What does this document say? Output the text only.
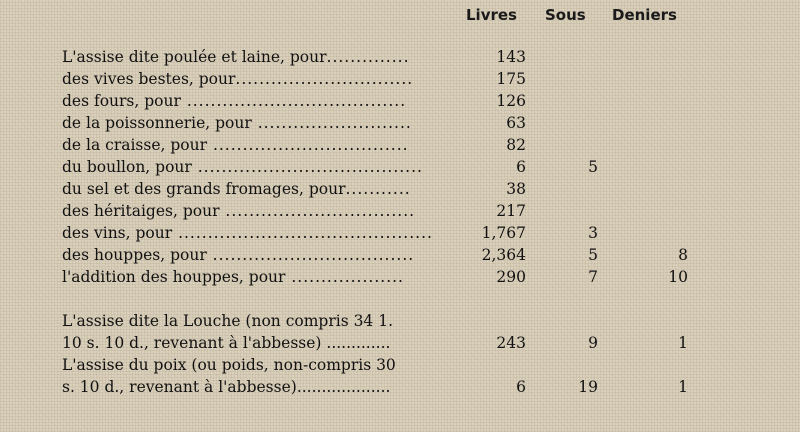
Livres Sous Deniers
L'assise dite poulée et laine, pour..............	143
des vives bestes, pour..............................	175
des fours, pour .....................................	126
de la poissonnerie, pour ..........................	63
de la craisse, pour .................................	82
du boullon, pour ......................................	6	5
du sel et des grands fromages, pour...........	38
des héritaiges, pour ................................	217
des vins, pour ...........................................	1,767	3
des houppes, pour ..................................	2,364	5	8
l'addition des houppes, pour ...................	290	7	10
L'assise dite la Louche (non compris 34 1.
10 s. 10 d., revenant à l'abbesse) .............	243	9	1
L'assise du poix (ou poids, non-compris 30
s. 10 d., revenant à l'abbesse)...................	6	19	1
